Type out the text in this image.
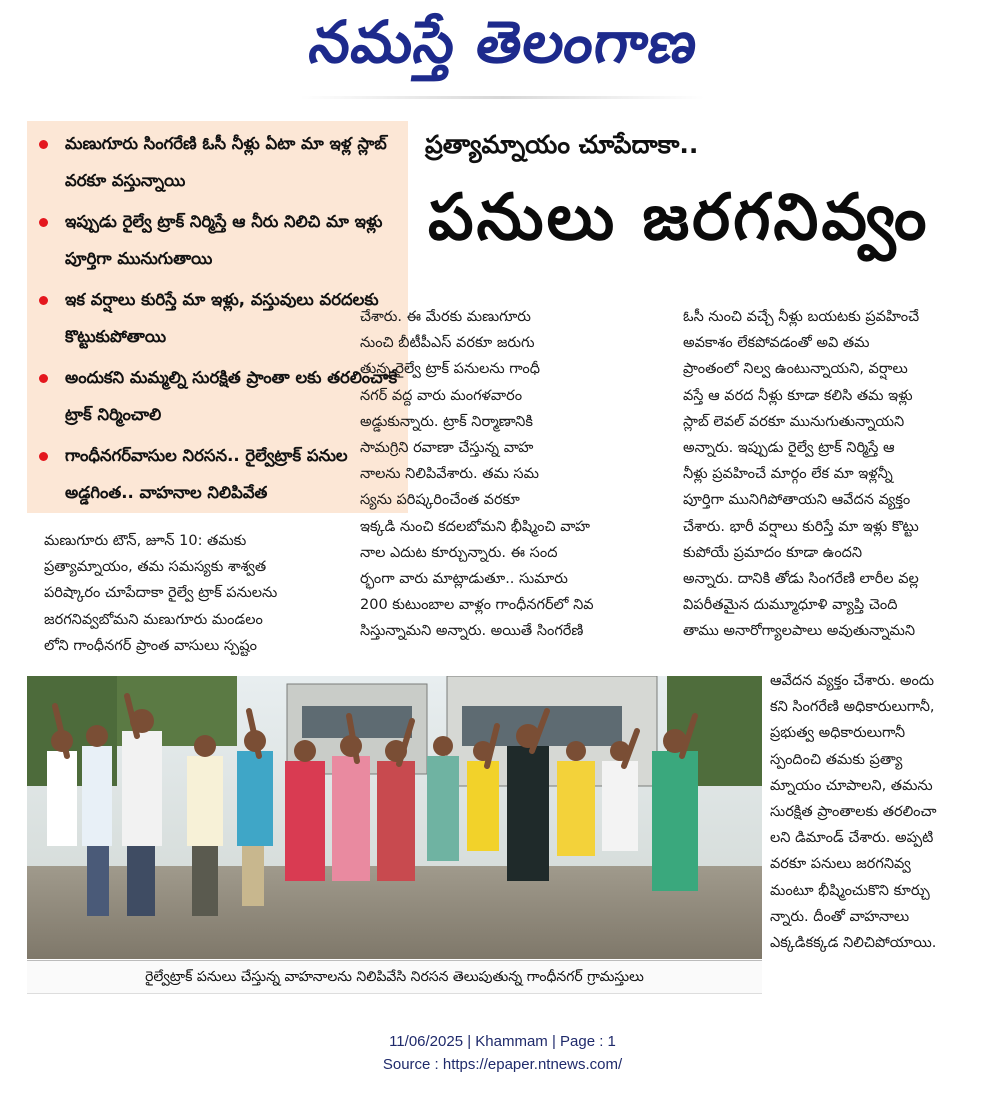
నమస్తే తెలంగాణ
మణుగూరు సింగరేణి ఓసీ నీళ్లు ఏటా మా ఇళ్ల స్లాబ్ వరకూ వస్తున్నాయి
ఇప్పుడు రైల్వే ట్రాక్ నిర్మిస్తే ఆ నీరు నిలిచి మా ఇళ్లు పూర్తిగా మునుగుతాయి
ఇక వర్షాలు కురిస్తే మా ఇళ్లు, వస్తువులు వరదలకు కొట్టుకుపోతాయి
అందుకని మమ్మల్ని సురక్షిత ప్రాంతా లకు తరలించాకే ట్రాక్ నిర్మించాలి
గాంధీనగర్‌వాసుల నిరసన.. రైల్వేట్రాక్ పనుల అడ్డగింత.. వాహనాల నిలిపివేత
ప్రత్యామ్నాయం చూపేదాకా..
పనులు జరగనివ్వం
మణుగూరు టౌన్, జూన్ 10: తమకు
ప్రత్యామ్నాయం, తమ సమస్యకు శాశ్వత
పరిష్కారం చూపేదాకా రైల్వే ట్రాక్ పనులను
జరగనివ్వబోమని మణుగూరు మండలం
లోని గాంధీనగర్ ప్రాంత వాసులు స్పష్టం
చేశారు. ఈ మేరకు మణుగూరు
నుంచి బీటీపీఎస్ వరకూ జరుగు
తున్న రైల్వే ట్రాక్ పనులను గాంధీ
నగర్ వద్ద వారు మంగళవారం
అడ్డుకున్నారు. ట్రాక్ నిర్మాణానికి
సామగ్రిని రవాణా చేస్తున్న వాహ
నాలను నిలిపివేశారు. తమ సమ
స్యను పరిష్కరించేంత వరకూ
ఇక్కడి నుంచి కదలబోమని భీష్మించి వాహ
నాల ఎదుట కూర్చున్నారు. ఈ సంద
ర్భంగా వారు మాట్లాడుతూ.. సుమారు
200 కుటుంబాల వాళ్లం గాంధీనగర్‌లో నివ
సిస్తున్నామని అన్నారు. అయితే సింగరేణి
ఓసీ నుంచి వచ్చే నీళ్లు బయటకు ప్రవహించే
అవకాశం లేకపోవడంతో అవి తమ
ప్రాంతంలో నిల్వ ఉంటున్నాయని, వర్షాలు
వస్తే ఆ వరద నీళ్లు కూడా కలిసి తమ ఇళ్లు
స్లాబ్ లెవల్ వరకూ మునుగుతున్నాయని
అన్నారు. ఇప్పుడు రైల్వే ట్రాక్ నిర్మిస్తే ఆ
నీళ్లు ప్రవహించే మార్గం లేక మా ఇళ్లన్నీ
పూర్తిగా మునిగిపోతాయని ఆవేదన వ్యక్తం
చేశారు. భారీ వర్షాలు కురిస్తే మా ఇళ్లు కొట్టు
కుపోయే ప్రమాదం కూడా ఉందని
అన్నారు. దానికి తోడు సింగరేణి లారీల వల్ల
విపరీతమైన దుమ్మూధూళి వ్యాప్తి చెంది
తాము అనారోగ్యాలపాలు అవుతున్నామని
ఆవేదన వ్యక్తం చేశారు. అందు
కని సింగరేణి అధికారులుగానీ,
ప్రభుత్వ అధికారులుగానీ
స్పందించి తమకు ప్రత్యా
మ్నాయం చూపాలని, తమను
సురక్షిత ప్రాంతాలకు తరలించా
లని డిమాండ్ చేశారు. అప్పటి
వరకూ పనులు జరగనివ్వ
మంటూ భీష్మించుకొని కూర్చు
న్నారు. దీంతో వాహనాలు
ఎక్కడికక్కడ నిలిచిపోయాయి.
రైల్వేట్రాక్ పనులు చేస్తున్న వాహనాలను నిలిపివేసి నిరసన తెలుపుతున్న గాంధీనగర్ గ్రామస్తులు
11/06/2025 | Khammam | Page : 1
Source : https://epaper.ntnews.com/
